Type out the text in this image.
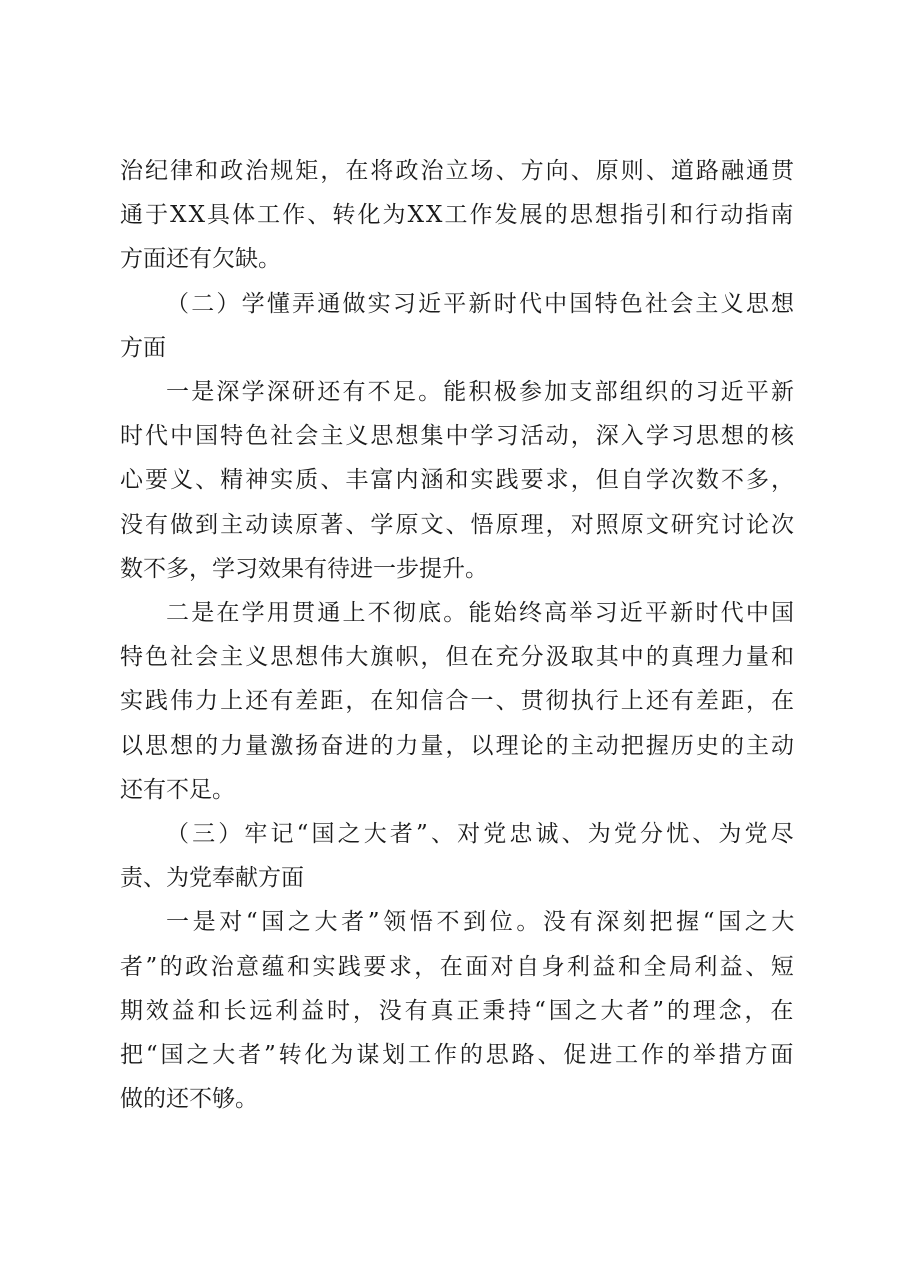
治纪律和政治规矩，在将政治立场、方向、原则、道路融通贯
通于XX具体工作、转化为XX工作发展的思想指引和行动指南
方面还有欠缺。
（二）学懂弄通做实习近平新时代中国特色社会主义思想
方面
一是深学深研还有不足。能积极参加支部组织的习近平新
时代中国特色社会主义思想集中学习活动，深入学习思想的核
心要义、精神实质、丰富内涵和实践要求，但自学次数不多，
没有做到主动读原著、学原文、悟原理，对照原文研究讨论次
数不多，学习效果有待进一步提升。
二是在学用贯通上不彻底。能始终高举习近平新时代中国
特色社会主义思想伟大旗帜，但在充分汲取其中的真理力量和
实践伟力上还有差距，在知信合一、贯彻执行上还有差距，在
以思想的力量激扬奋进的力量，以理论的主动把握历史的主动
还有不足。
（三）牢记“国之大者”、对党忠诚、为党分忧、为党尽
责、为党奉献方面
一是对“国之大者”领悟不到位。没有深刻把握“国之大
者”的政治意蕴和实践要求，在面对自身利益和全局利益、短
期效益和长远利益时，没有真正秉持“国之大者”的理念，在
把“国之大者”转化为谋划工作的思路、促进工作的举措方面
做的还不够。
